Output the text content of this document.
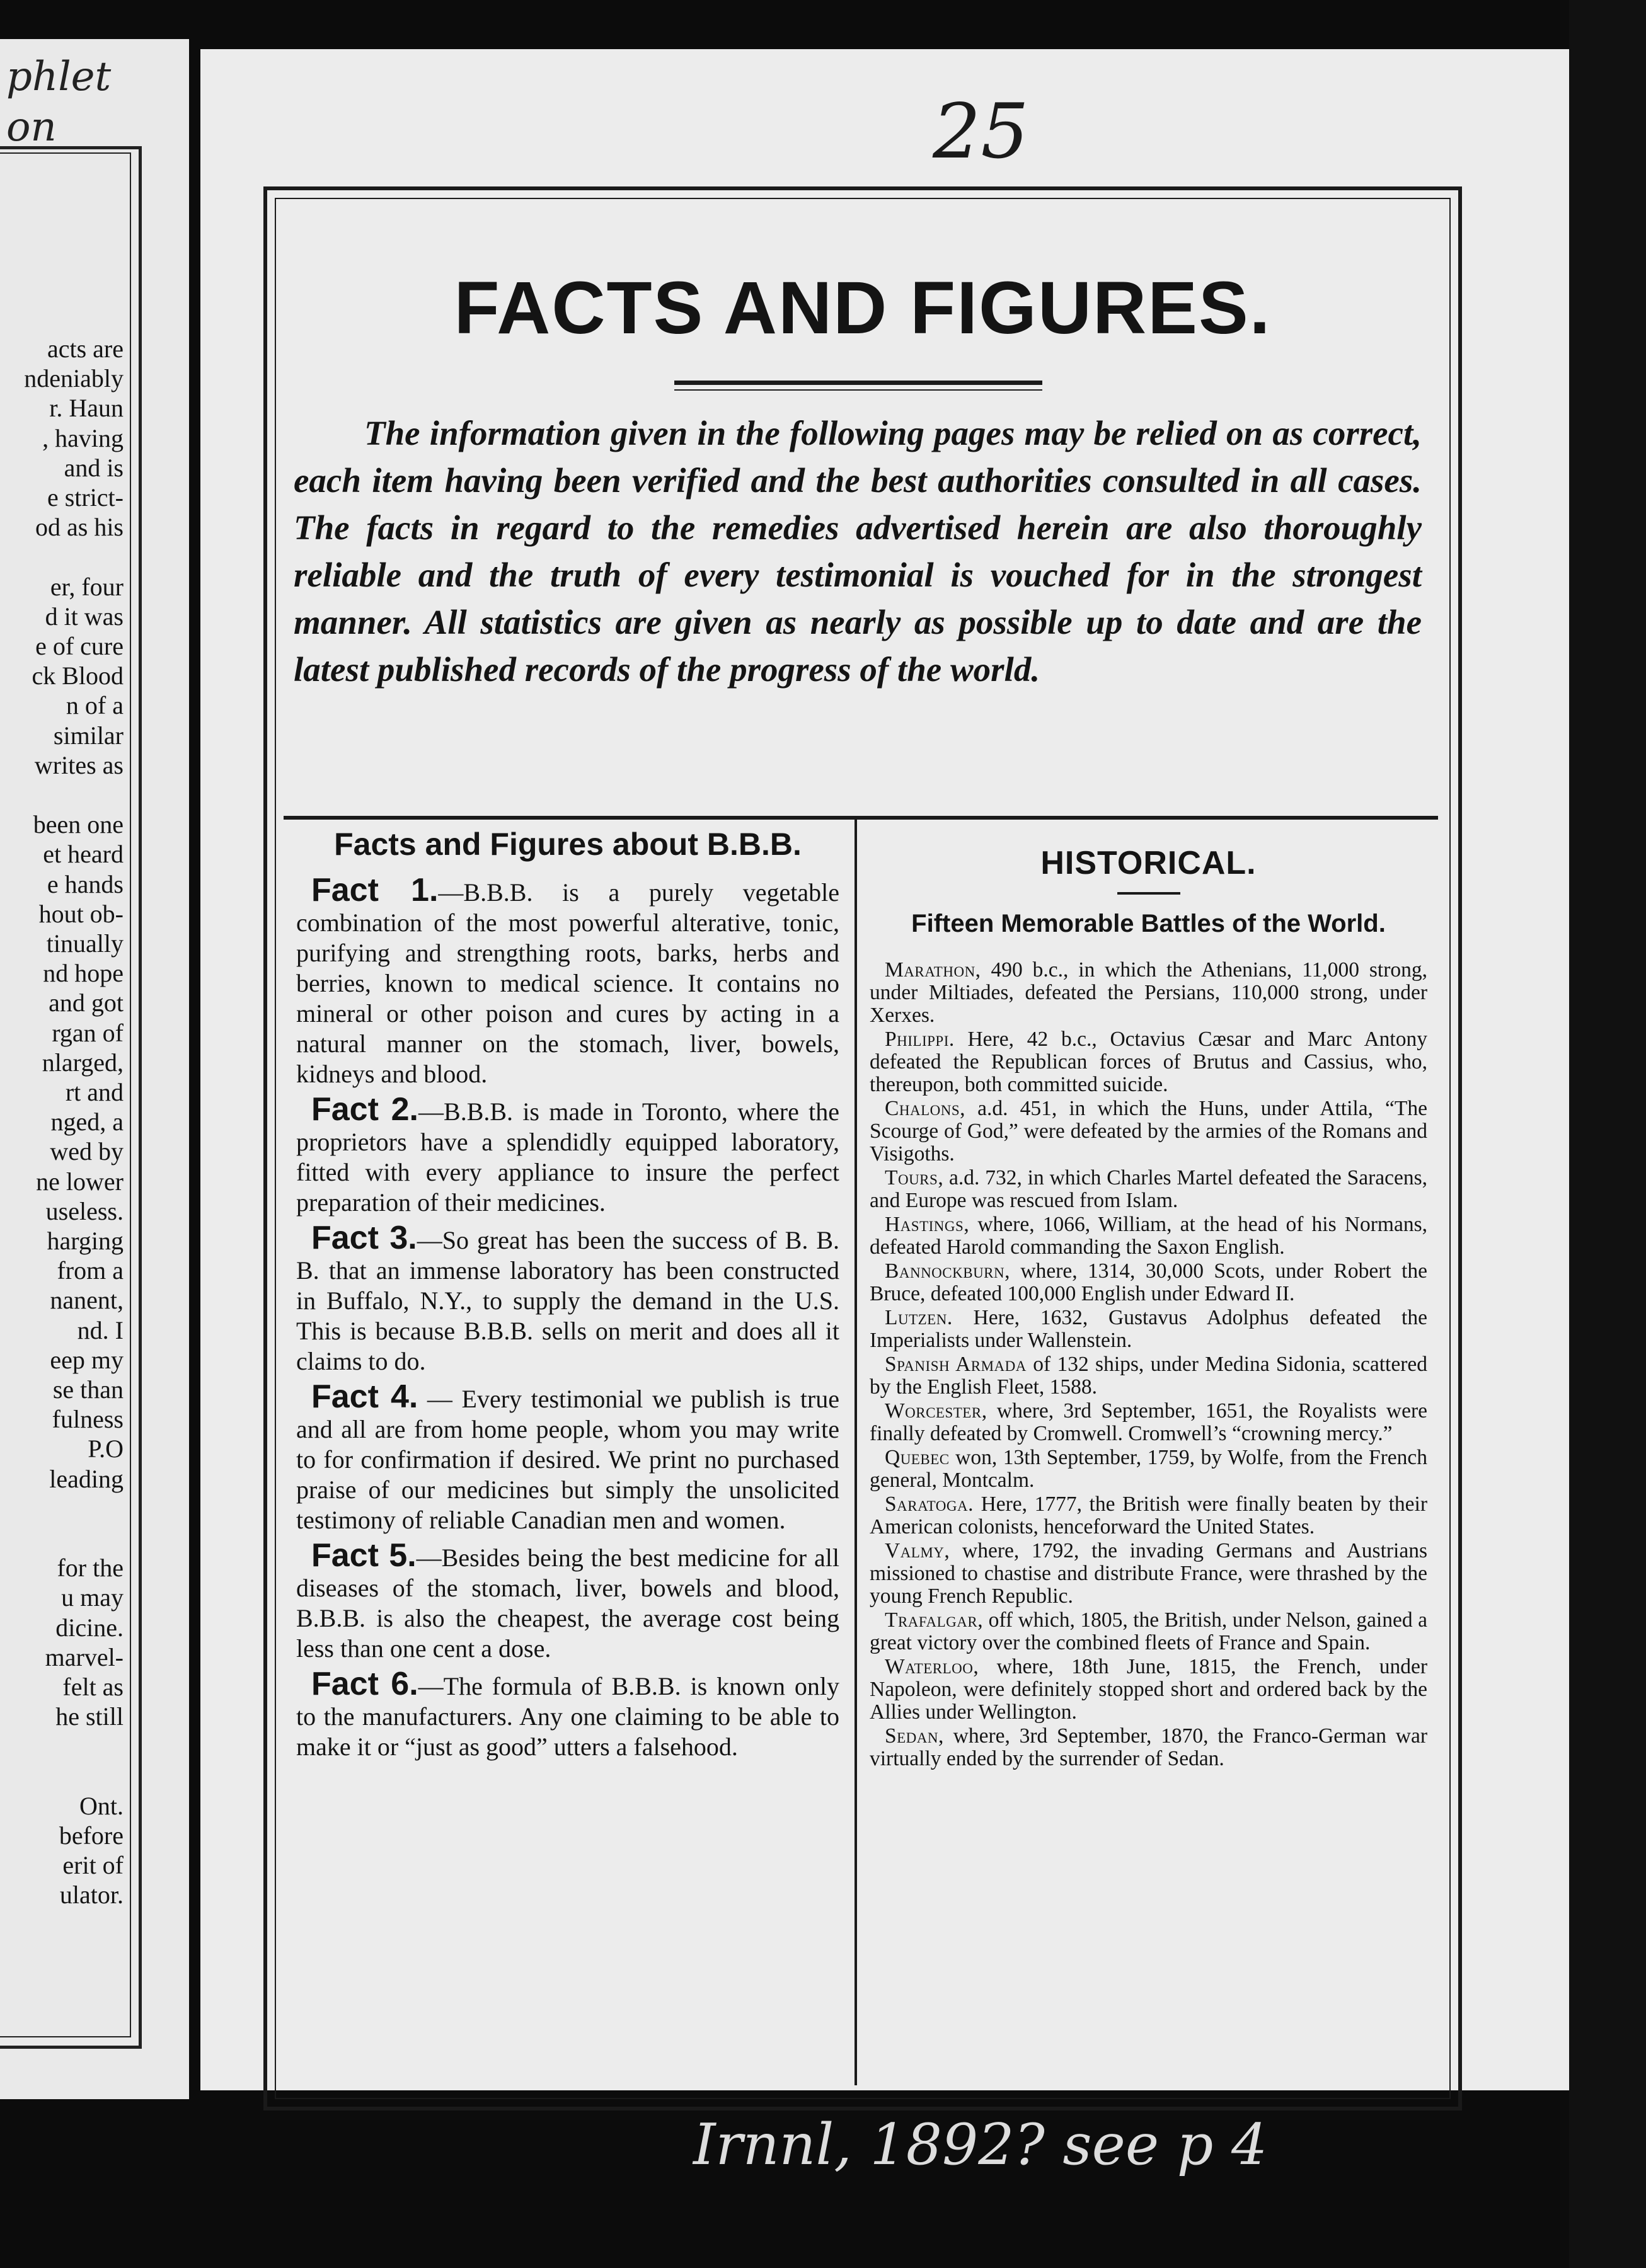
phlet
on
acts are
ndeniably
r. Haun
, having
and is
e strict-
od as his
er, four
d it was
e of cure
ck Blood
n of a
similar
writes as
been one
et heard
e hands
hout ob-
tinually
nd hope
and got
rgan of
nlarged,
rt and
nged, a
wed by
ne lower
useless.
harging
from a
nanent,
nd. I
eep my
se than
fulness
P.O
leading
for the
u may
dicine.
marvel-
felt as
he still
Ont.
before
erit of
ulator.
25
FACTS AND FIGURES.
The information given in the following pages may be relied on as correct, each item having been verified and the best authorities consulted in all cases. The facts in regard to the remedies advertised herein are also thoroughly reliable and the truth of every testimonial is vouched for in the strongest manner. All statistics are given as nearly as possible up to date and are the latest published records of the progress of the world.
Facts and Figures about B.B.B.
Fact 1.—B.B.B. is a purely vegetable combination of the most powerful alterative, tonic, purifying and strengthing roots, barks, herbs and berries, known to medical science. It contains no mineral or other poison and cures by acting in a natural manner on the stomach, liver, bowels, kidneys and blood.
Fact 2.—B.B.B. is made in Toronto, where the proprietors have a splendidly equipped laboratory, fitted with every appliance to insure the perfect preparation of their medicines.
Fact 3.—So great has been the success of B. B. B. that an immense laboratory has been constructed in Buffalo, N.Y., to supply the demand in the U.S. This is because B.B.B. sells on merit and does all it claims to do.
Fact 4. — Every testimonial we publish is true and all are from home people, whom you may write to for confirmation if desired. We print no purchased praise of our medicines but simply the unsolicited testimony of reliable Canadian men and women.
Fact 5.—Besides being the best medicine for all diseases of the stomach, liver, bowels and blood, B.B.B. is also the cheapest, the average cost being less than one cent a dose.
Fact 6.—The formula of B.B.B. is known only to the manufacturers. Any one claiming to be able to make it or “just as good” utters a falsehood.
HISTORICAL.
Fifteen Memorable Battles of the World.
Marathon, 490 b.c., in which the Athenians, 11,000 strong, under Miltiades, defeated the Persians, 110,000 strong, under Xerxes.
Philippi. Here, 42 b.c., Octavius Cæsar and Marc Antony defeated the Republican forces of Brutus and Cassius, who, thereupon, both committed suicide.
Chalons, a.d. 451, in which the Huns, under Attila, “The Scourge of God,” were defeated by the armies of the Romans and Visigoths.
Tours, a.d. 732, in which Charles Martel defeated the Saracens, and Europe was rescued from Islam.
Hastings, where, 1066, William, at the head of his Normans, defeated Harold commanding the Saxon English.
Bannockburn, where, 1314, 30,000 Scots, under Robert the Bruce, defeated 100,000 English under Edward II.
Lutzen. Here, 1632, Gustavus Adolphus defeated the Imperialists under Wallenstein.
Spanish Armada of 132 ships, under Medina Sidonia, scattered by the English Fleet, 1588.
Worcester, where, 3rd September, 1651, the Royalists were finally defeated by Cromwell. Cromwell’s “crowning mercy.”
Quebec won, 13th September, 1759, by Wolfe, from the French general, Montcalm.
Saratoga. Here, 1777, the British were finally beaten by their American colonists, henceforward the United States.
Valmy, where, 1792, the invading Germans and Austrians missioned to chastise and distribute France, were thrashed by the young French Republic.
Trafalgar, off which, 1805, the British, under Nelson, gained a great victory over the combined fleets of France and Spain.
Waterloo, where, 18th June, 1815, the French, under Napoleon, were definitely stopped short and ordered back by the Allies under Wellington.
Sedan, where, 3rd September, 1870, the Franco-German war virtually ended by the surrender of Sedan.
Irnnl, 1892? see p 4
